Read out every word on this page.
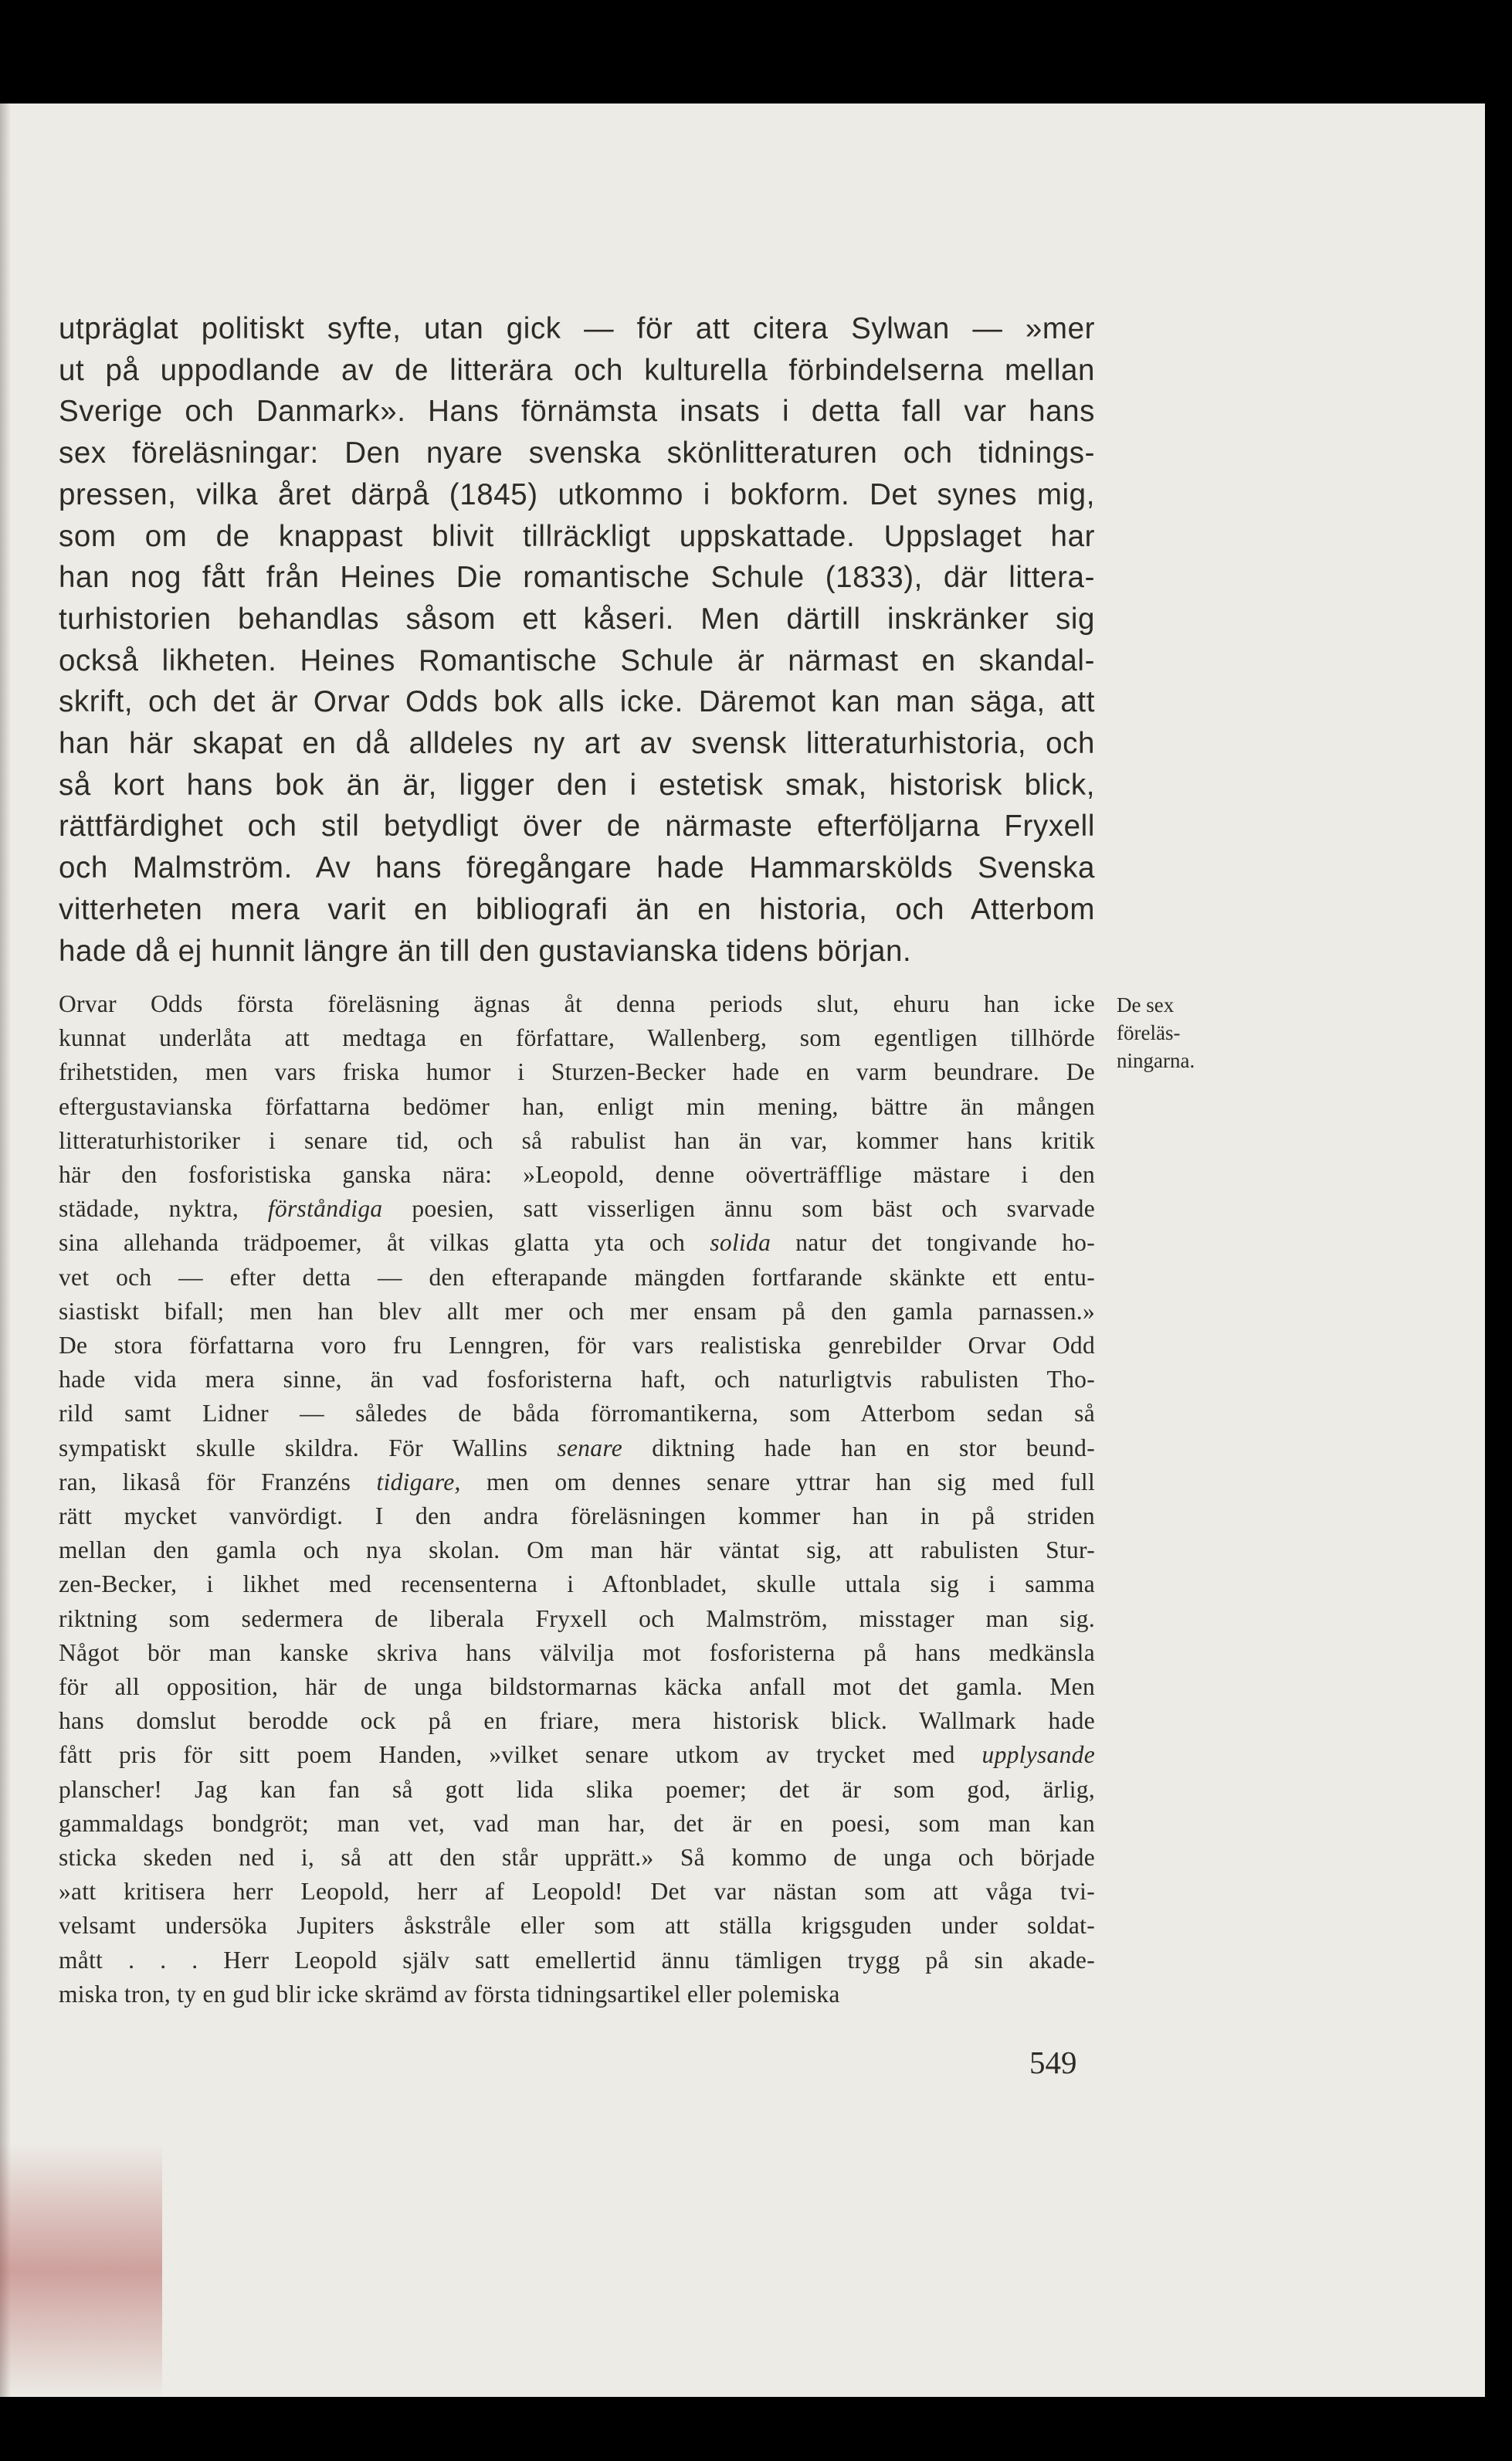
utpräglat politiskt syfte, utan gick — för att citera Sylwan — »mer
ut på uppodlande av de litterära och kulturella förbindelserna mellan
Sverige och Danmark». Hans förnämsta insats i detta fall var hans
sex föreläsningar: Den nyare svenska skönlitteraturen och tidnings-
pressen, vilka året därpå (1845) utkommo i bokform. Det synes mig,
som om de knappast blivit tillräckligt uppskattade. Uppslaget har
han nog fått från Heines Die romantische Schule (1833), där littera-
turhistorien behandlas såsom ett kåseri. Men därtill inskränker sig
också likheten. Heines Romantische Schule är närmast en skandal-
skrift, och det är Orvar Odds bok alls icke. Däremot kan man säga, att
han här skapat en då alldeles ny art av svensk litteraturhistoria, och
så kort hans bok än är, ligger den i estetisk smak, historisk blick,
rättfärdighet och stil betydligt över de närmaste efterföljarna Fryxell
och Malmström. Av hans föregångare hade Hammarskölds Svenska
vitterheten mera varit en bibliografi än en historia, och Atterbom
hade då ej hunnit längre än till den gustavianska tidens början.
Orvar Odds första föreläsning ägnas åt denna periods slut, ehuru han icke
kunnat underlåta att medtaga en författare, Wallenberg, som egentligen tillhörde
frihetstiden, men vars friska humor i Sturzen-Becker hade en varm beundrare. De
eftergustavianska författarna bedömer han, enligt min mening, bättre än mången
litteraturhistoriker i senare tid, och så rabulist han än var, kommer hans kritik
här den fosforistiska ganska nära: »Leopold, denne oöverträfflige mästare i den
städade, nyktra, förståndiga poesien, satt visserligen ännu som bäst och svarvade
sina allehanda trädpoemer, åt vilkas glatta yta och solida natur det tongivande ho-
vet och — efter detta — den efterapande mängden fortfarande skänkte ett entu-
siastiskt bifall; men han blev allt mer och mer ensam på den gamla parnassen.»
De stora författarna voro fru Lenngren, för vars realistiska genrebilder Orvar Odd
hade vida mera sinne, än vad fosforisterna haft, och naturligtvis rabulisten Tho-
rild samt Lidner — således de båda förromantikerna, som Atterbom sedan så
sympatiskt skulle skildra. För Wallins senare diktning hade han en stor beund-
ran, likaså för Franzéns tidigare, men om dennes senare yttrar han sig med full
rätt mycket vanvördigt. I den andra föreläsningen kommer han in på striden
mellan den gamla och nya skolan. Om man här väntat sig, att rabulisten Stur-
zen-Becker, i likhet med recensenterna i Aftonbladet, skulle uttala sig i samma
riktning som sedermera de liberala Fryxell och Malmström, misstager man sig.
Något bör man kanske skriva hans välvilja mot fosforisterna på hans medkänsla
för all opposition, här de unga bildstormarnas käcka anfall mot det gamla. Men
hans domslut berodde ock på en friare, mera historisk blick. Wallmark hade
fått pris för sitt poem Handen, »vilket senare utkom av trycket med upplysande
planscher! Jag kan fan så gott lida slika poemer; det är som god, ärlig,
gammaldags bondgröt; man vet, vad man har, det är en poesi, som man kan
sticka skeden ned i, så att den står upprätt.» Så kommo de unga och började
»att kritisera herr Leopold, herr af Leopold! Det var nästan som att våga tvi-
velsamt undersöka Jupiters åskstråle eller som att ställa krigsguden under soldat-
mått . . . Herr Leopold själv satt emellertid ännu tämligen trygg på sin akade-
miska tron, ty en gud blir icke skrämd av första tidningsartikel eller polemiska
De sex
föreläs-
ningarna.
549
